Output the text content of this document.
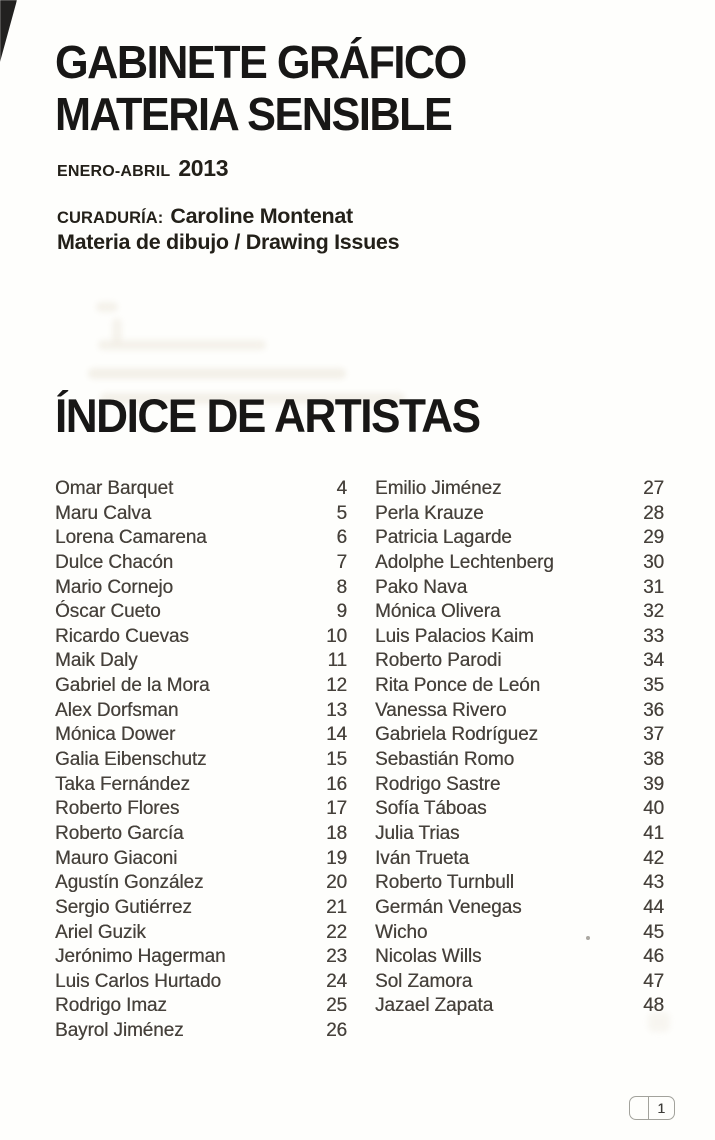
GABINETE GRÁFICO
MATERIA SENSIBLE
ENERO-ABRIL 2013
CURADURÍA: Caroline Montenat
Materia de dibujo / Drawing Issues
ÍNDICE DE ARTISTAS
Omar Barquet	4
Maru Calva	5
Lorena Camarena	6
Dulce Chacón	7
Mario Cornejo	8
Óscar Cueto	9
Ricardo Cuevas	10
Maik Daly	11
Gabriel de la Mora	12
Alex Dorfsman	13
Mónica Dower	14
Galia Eibenschutz	15
Taka Fernández	16
Roberto Flores	17
Roberto García	18
Mauro Giaconi	19
Agustín González	20
Sergio Gutiérrez	21
Ariel Guzik	22
Jerónimo Hagerman	23
Luis Carlos Hurtado	24
Rodrigo Imaz	25
Bayrol Jiménez	26
Emilio Jiménez	27
Perla Krauze	28
Patricia Lagarde	29
Adolphe Lechtenberg	30
Pako Nava	31
Mónica Olivera	32
Luis Palacios Kaim	33
Roberto Parodi	34
Rita Ponce de León	35
Vanessa Rivero	36
Gabriela Rodríguez	37
Sebastián Romo	38
Rodrigo Sastre	39
Sofía Táboas	40
Julia Trias	41
Iván Trueta	42
Roberto Turnbull	43
Germán Venegas	44
Wicho	45
Nicolas Wills	46
Sol Zamora	47
Jazael Zapata	48
1
